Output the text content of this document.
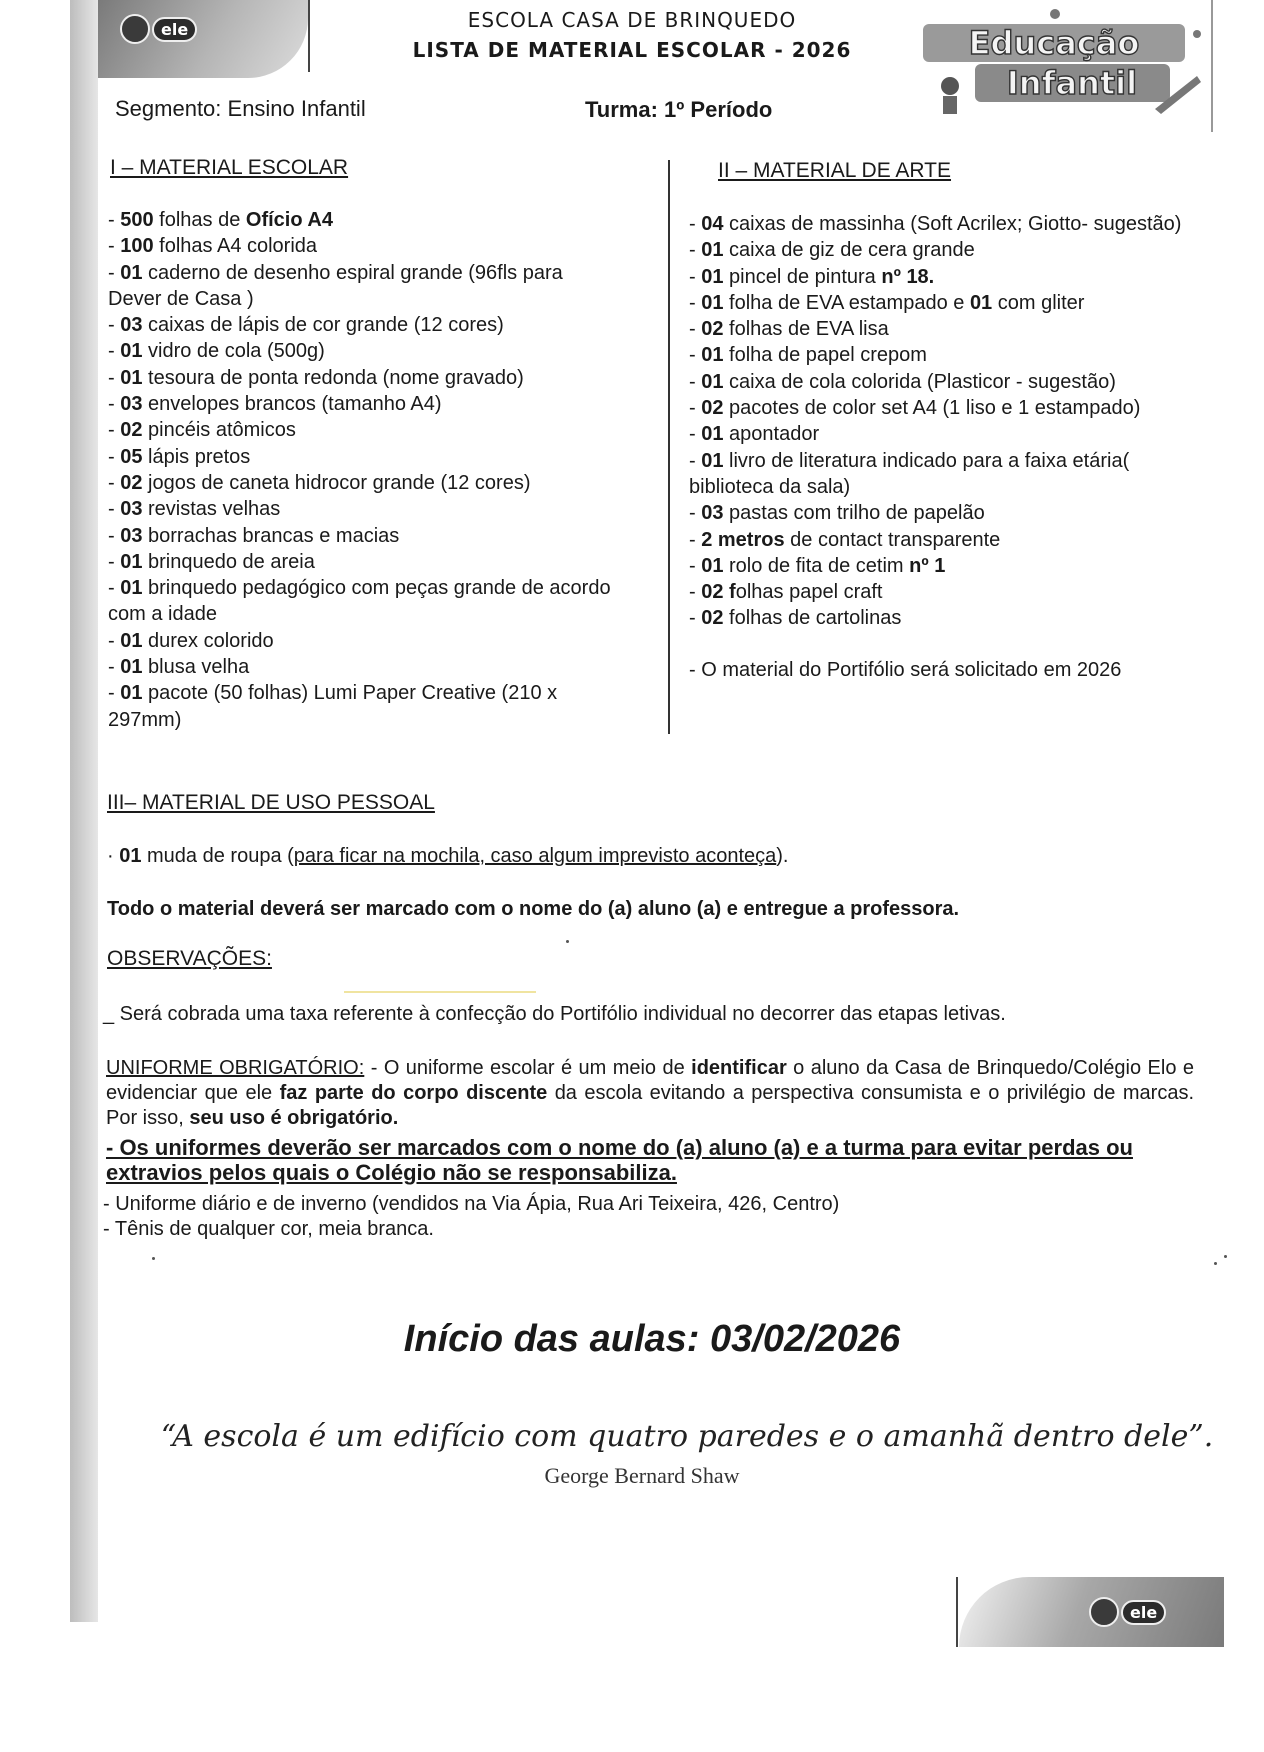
ele	ESCOLA CASA DE BRINQUEDO
LISTA DE MATERIAL ESCOLAR - 2026
Segmento: Ensino Infantil	Turma: 1º Período
Educação
Infantil
I – MATERIAL ESCOLAR
- 500 folhas de Ofício A4
- 100 folhas A4 colorida
- 01 caderno de desenho espiral grande (96fls para Dever de Casa )
- 03 caixas de lápis de cor grande (12 cores)
- 01 vidro de cola (500g)
- 01 tesoura de ponta redonda (nome gravado)
- 03 envelopes brancos (tamanho A4)
- 02 pincéis atômicos
- 05 lápis pretos
- 02 jogos de caneta hidrocor grande (12 cores)
- 03 revistas velhas
- 03 borrachas brancas e macias
- 01 brinquedo de areia
- 01 brinquedo pedagógico com peças grande de acordo com a idade
- 01 durex colorido
- 01 blusa velha
- 01 pacote (50 folhas) Lumi Paper Creative (210 x 297mm)
II – MATERIAL DE ARTE
- 04 caixas de massinha (Soft Acrilex; Giotto- sugestão)
- 01 caixa de giz de cera grande
- 01 pincel de pintura nº 18.
- 01 folha de EVA estampado e 01 com gliter
- 02 folhas de EVA lisa
- 01 folha de papel crepom
- 01 caixa de cola colorida (Plasticor - sugestão)
- 02 pacotes de color set A4 (1 liso e 1 estampado)
- 01 apontador
- 01 livro de literatura indicado para a faixa etária( biblioteca da sala)
- 03 pastas com trilho de papelão
- 2 metros de contact transparente
- 01 rolo de fita de cetim nº 1
- 02 folhas papel craft
- 02 folhas de cartolinas
- O material do Portifólio será solicitado em 2026
III– MATERIAL DE USO PESSOAL
· 01 muda de roupa (para ficar na mochila, caso algum imprevisto aconteça).
Todo o material deverá ser marcado com o nome do (a) aluno (a) e entregue a professora.
OBSERVAÇÕES:
_ Será cobrada uma taxa referente à confecção do Portifólio individual no decorrer das etapas letivas.
UNIFORME OBRIGATÓRIO: - O uniforme escolar é um meio de identificar o aluno da Casa de Brinquedo/Colégio Elo e evidenciar que ele faz parte do corpo discente da escola evitando a perspectiva consumista e o privilégio de marcas. Por isso, seu uso é obrigatório.
- Os uniformes deverão ser marcados com o nome do (a) aluno (a) e a turma para evitar perdas ou extravios pelos quais o Colégio não se responsabiliza.
- Uniforme diário e de inverno (vendidos na Via Ápia, Rua Ari Teixeira, 426, Centro)
- Tênis de qualquer cor, meia branca.
Início das aulas: 03/02/2026
“A escola é um edifício com quatro paredes e o amanhã dentro dele”.
George Bernard Shaw
ele
